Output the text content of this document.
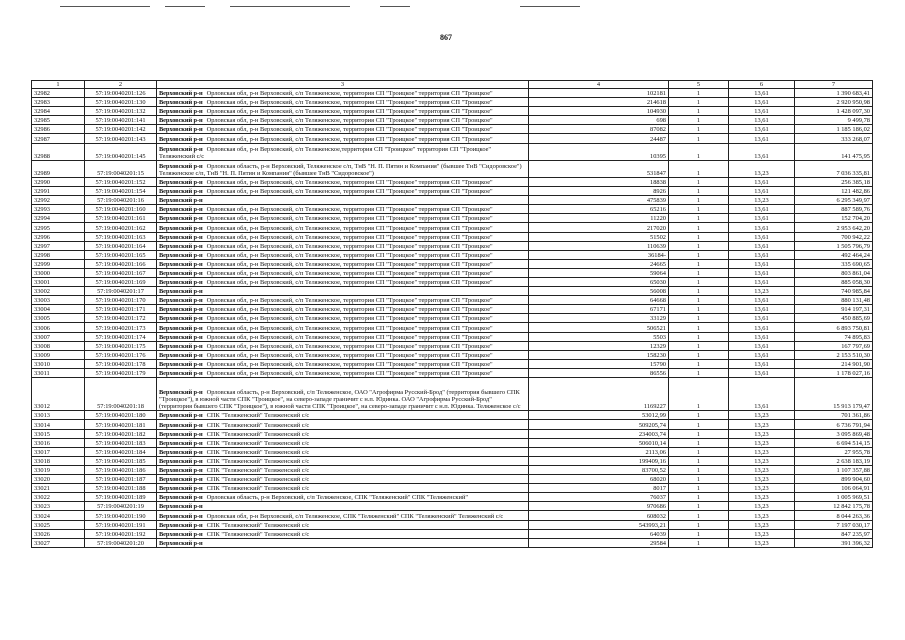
867
1	2	3	4	5	6	7
32982	57:19:0040201:126	Верховский р-н Орловская обл, р-н Верховский, с/п Теляженское, территория СП "Троицкое" территория СП "Троицкое"	102181	1	13,61	1 390 683,41
32983	57:19:0040201:130	Верховский р-н Орловская обл, р-н Верховский, с/п Теляженское, территория СП "Троицкое" территория СП "Троицкое"	214618	1	13,61	2 920 950,98
32984	57:19:0040201:132	Верховский р-н Орловская обл, р-н Верховский, с/п Теляженское, территория СП "Троицкое" территория СП "Троицкое"	104930	1	13,61	1 428 097,30
32985	57:19:0040201:141	Верховский р-н Орловская обл, р-н Верховский, с/п Теляженское, территория СП "Троицкое" территория СП "Троицкое"	698	1	13,61	9 499,78
32986	57:19:0040201:142	Верховский р-н Орловская обл, р-н Верховский, с/п Теляженское, территория СП "Троицкое" территория СП "Троицкое"	87082	1	13,61	1 185 186,02
32987	57:19:0040201:143	Верховский р-н Орловская обл, р-н Верховский, с/п Теляженское, территория СП "Троицкое" территория СП "Троицкое"	24487	1	13,61	333 268,07
32988	57:19:0040201:145	Верховский р-н Орловская обл, р-н Верховский, с/п Теляженское,территория СП "Троицкое" территория СП "Троицкое" Теляженский с/с	10395	1	13,61	141 475,95
32989	57:19:0040201:15	Верховский р-н Орловская область, р-н Верховский, Теляженское с/п, ТнВ "Н. П. Пятин и Компания" (бывшее ТнВ "Сидоровское") Теляженское с/п, ТнВ "Н. П. Пятин и Компания" (бывшее ТнВ "Сидоровское")	531847	1	13,23	7 036 335,81
32990	57:19:0040201:152	Верховский р-н Орловская обл, р-н Верховский, с/п Теляженское, территория СП "Троицкое" территория СП "Троицкое"	18838	1	13,61	256 385,18
32991	57:19:0040201:154	Верховский р-н Орловская обл, р-н Верховский, с/п Теляженское, территория СП "Троицкое" территория СП "Троицкое"	8926	1	13,61	121 482,86
32992	57:19:0040201:16	Верховский р-н	475839	1	13,23	6 295 349,97
32993	57:19:0040201:160	Верховский р-н Орловская обл, р-н Верховский, с/п Теляженское, территория СП "Троицкое" территория СП "Троицкое"	65216	1	13,61	887 589,76
32994	57:19:0040201:161	Верховский р-н Орловская обл, р-н Верховский, с/п Теляженское, территория СП "Троицкое" территория СП "Троицкое"	11220	1	13,61	152 704,20
32995	57:19:0040201:162	Верховский р-н Орловская обл, р-н Верховский, с/п Теляженское, территория СП "Троицкое" территория СП "Троицкое"	217020	1	13,61	2 953 642,20
32996	57:19:0040201:163	Верховский р-н Орловская обл, р-н Верховский, с/п Теляженское, территория СП "Троицкое" территория СП "Троицкое"	51502	1	13,61	700 942,22
32997	57:19:0040201:164	Верховский р-н Орловская обл, р-н Верховский, с/п Теляженское, территория СП "Троицкое" территория СП "Троицкое"	110639	1	13,61	1 505 796,79
32998	57:19:0040201:165	Верховский р-н Орловская обл, р-н Верховский, с/п Теляженское, территория СП "Троицкое" территория СП "Троицкое"	36184-	1	13,61	492 464,24
32999	57:19:0040201:166	Верховский р-н Орловская обл, р-н Верховский, с/п Теляженское, территория СП "Троицкое" территория СП "Троицкое"	24665	1	13,61	335 690,65
33000	57:19:0040201:167	Верховский р-н Орловская обл, р-н Верховский, с/п Теляженское, территория СП "Троицкое" территория СП "Троицкое"	59064	1	13,61	803 861,04
33001	57:19:0040201:169	Верховский р-н Орловская обл, р-н Верховский, с/п Теляженское, территория СП "Троицкое" территория СП "Троицкое"	65030	1	13,61	885 058,30
33002	57:19:0040201:17	Верховский р-н	56008	1	13,23	740 985,84
33003	57:19:0040201:170	Верховский р-н Орловская обл, р-н Верховский, с/п Теляженское, территория СП "Троицкое" территория СП "Троицкое"	64668	1	13,61	880 131,48
33004	57:19:0040201:171	Верховский р-н Орловская обл, р-н Верховский, с/п Теляженское, территория СП "Троицкое" территория СП "Троицкое"	67171	1	13,61	914 197,31
33005	57:19:0040201:172	Верховский р-н Орловская обл, р-н Верховский, с/п Теляженское, территория СП "Троицкое" территория СП "Троицкое"	33129	1	13,61	450 885,69
33006	57:19:0040201:173	Верховский р-н Орловская обл, р-н Верховский, с/п Теляженское, территория СП "Троицкое" территория СП "Троицкое"	506521	1	13,61	6 893 750,81
33007	57:19:0040201:174	Верховский р-н Орловская обл, р-н Верховский, с/п Теляженское, территория СП "Троицкое" территория СП "Троицкое"	5503	1	13,61	74 895,83
33008	57:19:0040201:175	Верховский р-н Орловская обл, р-н Верховский, с/п Теляженское, территория СП "Троицкое" территория СП "Троицкое"	12329	1	13,61	167 797,69
33009	57:19:0040201:176	Верховский р-н Орловская обл, р-н Верховский, с/п Теляженское, территория СП "Троицкое" территория СП "Троицкое"	158230	1	13,61	2 153 510,30
33010	57:19:0040201:178	Верховский р-н Орловская обл, р-н Верховский, с/п Теляженское, территория СП "Троицкое" территория СП "Троицкое"	15790	1	13,61	214 901,90
33011	57:19:0040201:179	Верховский р-н Орловская обл, р-н Верховский, с/п Теляженское, территория СП "Троицкое" территория СП "Троицкое"	86556	1	13,61	1 178 027,16
33012	57:19:0040201:18	Верховский р-н Орловская область, р-н Верховский, с/п Теляженское, ОАО "Агрофирма Русский-Брод" (территория бывшего СПК "Троицкое"), в южной части СПК "Троицкое", на северо-западе граничит с н.п. Юдинка. ОАО "Агрофирма Русский-Брод" (территория бывшего СПК "Троицкое"), в южной части СПК "Троицкое", на северо-западе граничит с н.п. Юдинка. Теляженское с/с	1169227	1	13,61	15 913 179,47
33013	57:19:0040201:180	Верховский р-н СПК "Теляженский" Теляженский с/с	53012,99	1	13,23	701 361,86
33014	57:19:0040201:181	Верховский р-н СПК "Теляженский" Теляженский с/с	509205,74	1	13,23	6 736 791,94
33015	57:19:0040201:182	Верховский р-н СПК "Теляженский" Теляженский с/с	234003,74	1	13,23	3 095 869,48
33016	57:19:0040201:183	Верховский р-н СПК "Теляженский" Теляженский с/с	506010,14	1	13,23	6 694 514,15
33017	57:19:0040201:184	Верховский р-н СПК "Теляженский" Теляженский с/с	2113,06	1	13,23	27 955,78
33018	57:19:0040201:185	Верховский р-н СПК "Теляженский" Теляженский с/с	199409,16	1	13,23	2 638 183,19
33019	57:19:0040201:186	Верховский р-н СПК "Теляженский" Теляженский с/с	83700,52	1	13,23	1 107 357,88
33020	57:19:0040201:187	Верховский р-н СПК "Теляженский" Теляженский с/с	68020	1	13,23	899 904,60
33021	57:19:0040201:188	Верховский р-н СПК "Теляженский" Теляженский с/с	8017	1	13,23	106 064,91
33022	57:19:0040201:189	Верховский р-н Орловская область, р-н Верховский, с/п Теляженское, СПК "Теляженский" СПК "Теляженский"	76037	1	13,23	1 005 969,51
33023	57:19:0040201:19	Верховский р-н	970686	1	13,23	12 842 175,78
33024	57:19:0040201:190	Верховский р-н Орловская обл, р-н Верховский, с/п Теляженское, СПК "Теляженский" СПК "Теляженский" Теляженский с/с	608032	1	13,23	8 044 263,36
33025	57:19:0040201:191	Верховский р-н СПК "Теляженский" Теляженский с/с	543993,21	1	13,23	7 197 030,17
33026	57:19:0040201:192	Верховский р-н СПК "Теляженский" Теляженский с/с	64039	1	13,23	847 235,97
33027	57:19:0040201:20	Верховский р-н	29584	1	13,23	391 396,32
